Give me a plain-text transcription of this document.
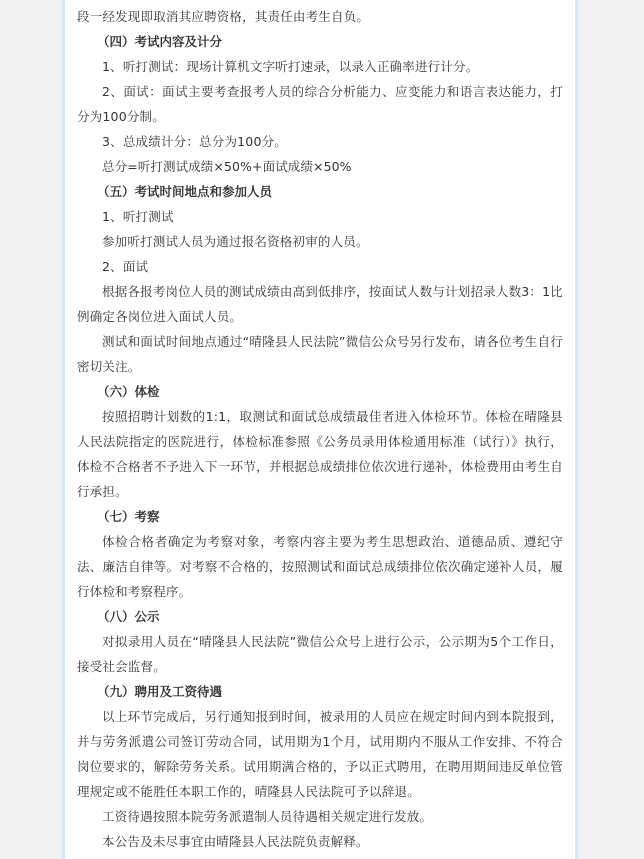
段一经发现即取消其应聘资格，其责任由考生自负。
（四）考试内容及计分
1、听打测试：现场计算机文字听打速录，以录入正确率进行计分。
2、面试：面试主要考查报考人员的综合分析能力、应变能力和语言表达能力，打分为100分制。
3、总成绩计分：总分为100分。
总分=听打测试成绩×50%+面试成绩×50%
（五）考试时间地点和参加人员
1、听打测试
参加听打测试人员为通过报名资格初审的人员。
2、面试
根据各报考岗位人员的测试成绩由高到低排序，按面试人数与计划招录人数3：1比例确定各岗位进入面试人员。
测试和面试时间地点通过“晴隆县人民法院”微信公众号另行发布，请各位考生自行密切关注。
（六）体检
按照招聘计划数的1:1，取测试和面试总成绩最佳者进入体检环节。体检在晴隆县人民法院指定的医院进行，体检标准参照《公务员录用体检通用标准（试行）》执行，体检不合格者不予进入下一环节，并根据总成绩排位依次进行递补，体检费用由考生自行承担。
（七）考察
体检合格者确定为考察对象，考察内容主要为考生思想政治、道德品质、遵纪守法、廉洁自律等。对考察不合格的，按照测试和面试总成绩排位依次确定递补人员，履行体检和考察程序。
（八）公示
对拟录用人员在“晴隆县人民法院”微信公众号上进行公示，公示期为5个工作日，接受社会监督。
（九）聘用及工资待遇
以上环节完成后，另行通知报到时间，被录用的人员应在规定时间内到本院报到，并与劳务派遣公司签订劳动合同，试用期为1个月，试用期内不服从工作安排、不符合岗位要求的，解除劳务关系。试用期满合格的，予以正式聘用，在聘用期间违反单位管理规定或不能胜任本职工作的，晴隆县人民法院可予以辞退。
工资待遇按照本院劳务派遣制人员待遇相关规定进行发放。
本公告及未尽事宜由晴隆县人民法院负责解释。
